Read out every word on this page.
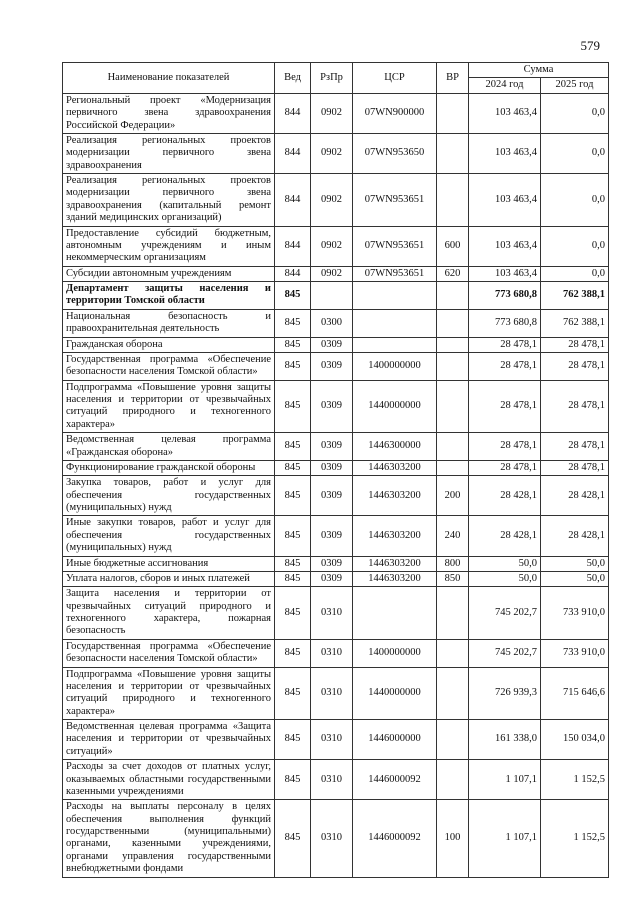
579
Наименование показателей	Вед	РзПр	ЦСР	ВР	Сумма	
					2024 год	2025 год
Региональный проект «Модернизация первичного звена здравоохранения Российской Федерации»	844	0902	07WN900000		103 463,4	0,0
Реализация региональных проектов модернизации первичного звена здравоохранения	844	0902	07WN953650		103 463,4	0,0
Реализация региональных проектов модернизации первичного звена здравоохранения (капитальный ремонт зданий медицинских организаций)	844	0902	07WN953651		103 463,4	0,0
Предоставление субсидий бюджетным, автономным учреждениям и иным некоммерческим организациям	844	0902	07WN953651	600	103 463,4	0,0
Субсидии автономным учреждениям	844	0902	07WN953651	620	103 463,4	0,0
Департамент защиты населения и территории Томской области	845				773 680,8	762 388,1
Национальная безопасность и правоохранительная деятельность	845	0300			773 680,8	762 388,1
Гражданская оборона	845	0309			28 478,1	28 478,1
Государственная программа «Обеспечение безопасности населения Томской области»	845	0309	1400000000		28 478,1	28 478,1
Подпрограмма «Повышение уровня защиты населения и территории от чрезвычайных ситуаций природного и техногенного характера»	845	0309	1440000000		28 478,1	28 478,1
Ведомственная целевая программа «Гражданская оборона»	845	0309	1446300000		28 478,1	28 478,1
Функционирование гражданской обороны	845	0309	1446303200		28 478,1	28 478,1
Закупка товаров, работ и услуг для обеспечения государственных (муниципальных) нужд	845	0309	1446303200	200	28 428,1	28 428,1
Иные закупки товаров, работ и услуг для обеспечения государственных (муниципальных) нужд	845	0309	1446303200	240	28 428,1	28 428,1
Иные бюджетные ассигнования	845	0309	1446303200	800	50,0	50,0
Уплата налогов, сборов и иных платежей	845	0309	1446303200	850	50,0	50,0
Защита населения и территории от чрезвычайных ситуаций природного и техногенного характера, пожарная безопасность	845	0310			745 202,7	733 910,0
Государственная программа «Обеспечение безопасности населения Томской области»	845	0310	1400000000		745 202,7	733 910,0
Подпрограмма «Повышение уровня защиты населения и территории от чрезвычайных ситуаций природного и техногенного характера»	845	0310	1440000000		726 939,3	715 646,6
Ведомственная целевая программа «Защита населения и территории от чрезвычайных ситуаций»	845	0310	1446000000		161 338,0	150 034,0
Расходы за счет доходов от платных услуг, оказываемых областными государственными казенными учреждениями	845	0310	1446000092		1 107,1	1 152,5
Расходы на выплаты персоналу в целях обеспечения выполнения функций государственными (муниципальными) органами, казенными учреждениями, органами управления государственными внебюджетными фондами	845	0310	1446000092	100	1 107,1	1 152,5
